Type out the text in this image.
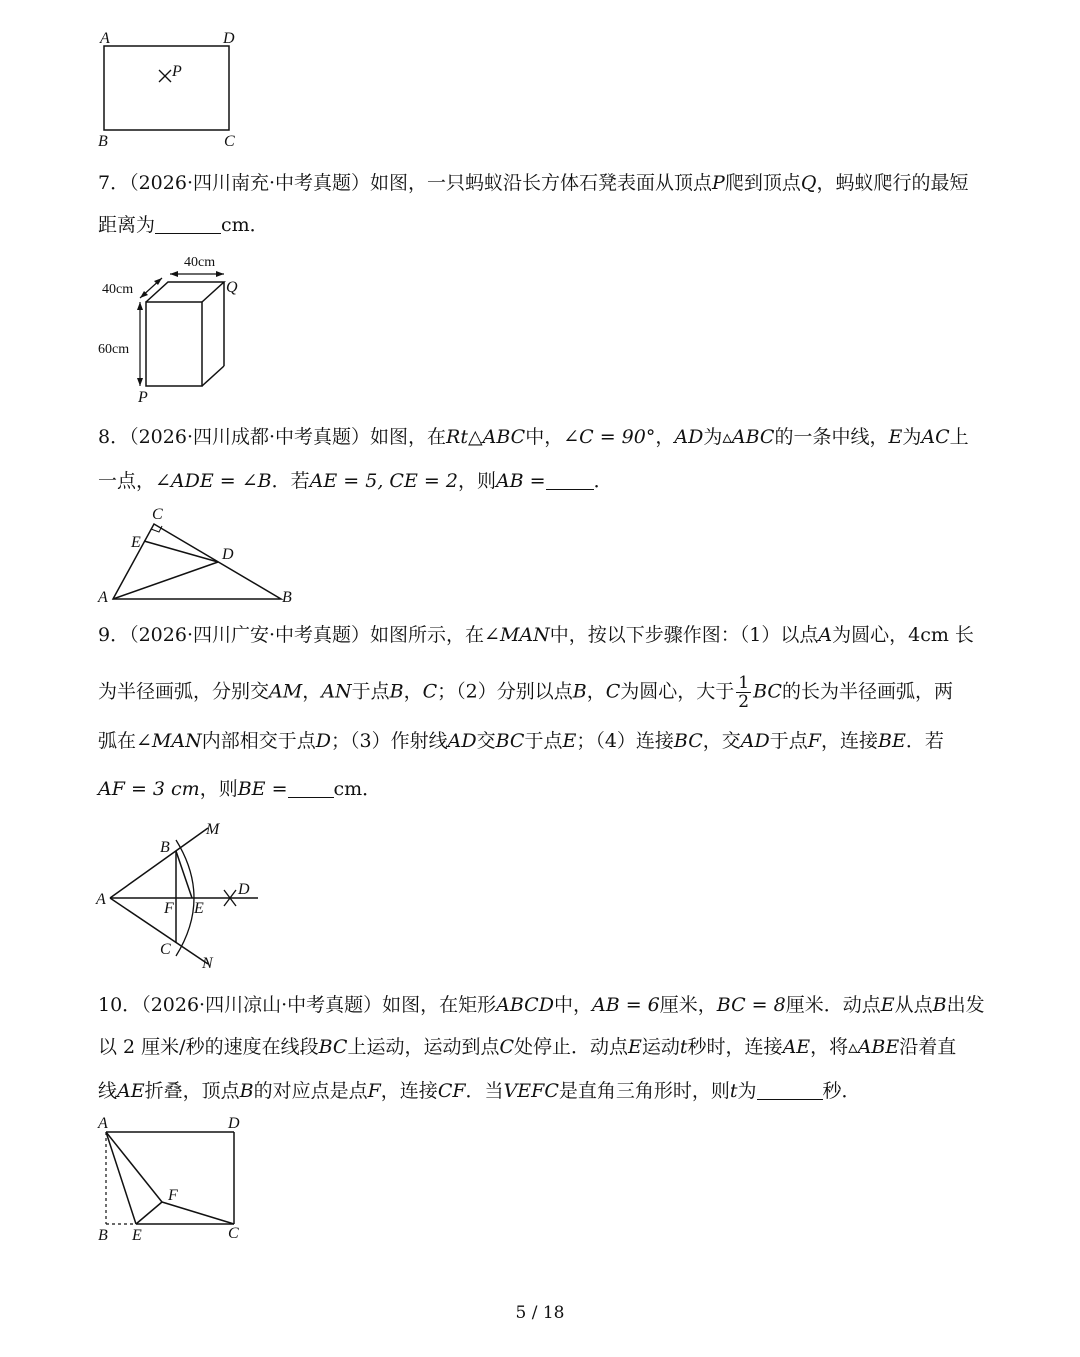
A	D
P
B	C
7．（2026·四川南充·中考真题）如图，一只蚂蚁沿长方体石凳表面从顶点P爬到顶点Q，蚂蚁爬行的最短
距离为	cm．
40cm
40cm
60cm
Q
P
8．（2026·四川成都·中考真题）如图，在Rt△ABC中，∠C = 90°，AD为▵ABC的一条中线，E为AC上
一点，∠ADE = ∠B．若AE = 5, CE = 2，则AB =	．
C
E
D
A	B
9．（2026·四川广安·中考真题）如图所示，在∠MAN中，按以下步骤作图：（1）以点A为圆心，4cm 长
为半径画弧，分别交AM，AN于点B，C；（2）分别以点B，C为圆心，大于 $\frac{1}{2}$ BC的长为半径画弧，两
弧在∠MAN内部相交于点D；（3）作射线AD交BC于点E；（4）连接BC，交AD于点F，连接BE．若
AF = 3 cm，则BE = cm．
M
B
A
F E
D
C
N
10．（2026·四川凉山·中考真题）如图，在矩形ABCD中，AB = 6厘米，BC = 8厘米．动点E从点B出发
以 2 厘米/秒的速度在线段BC上运动，运动到点C处停止．动点E运动t秒时，连接AE，将▵ABE沿着直
线AE折叠，顶点B的对应点是点F，连接CF．当VEFC是直角三角形时，则t为	秒．
A	D
F
B E	C
5 / 18
